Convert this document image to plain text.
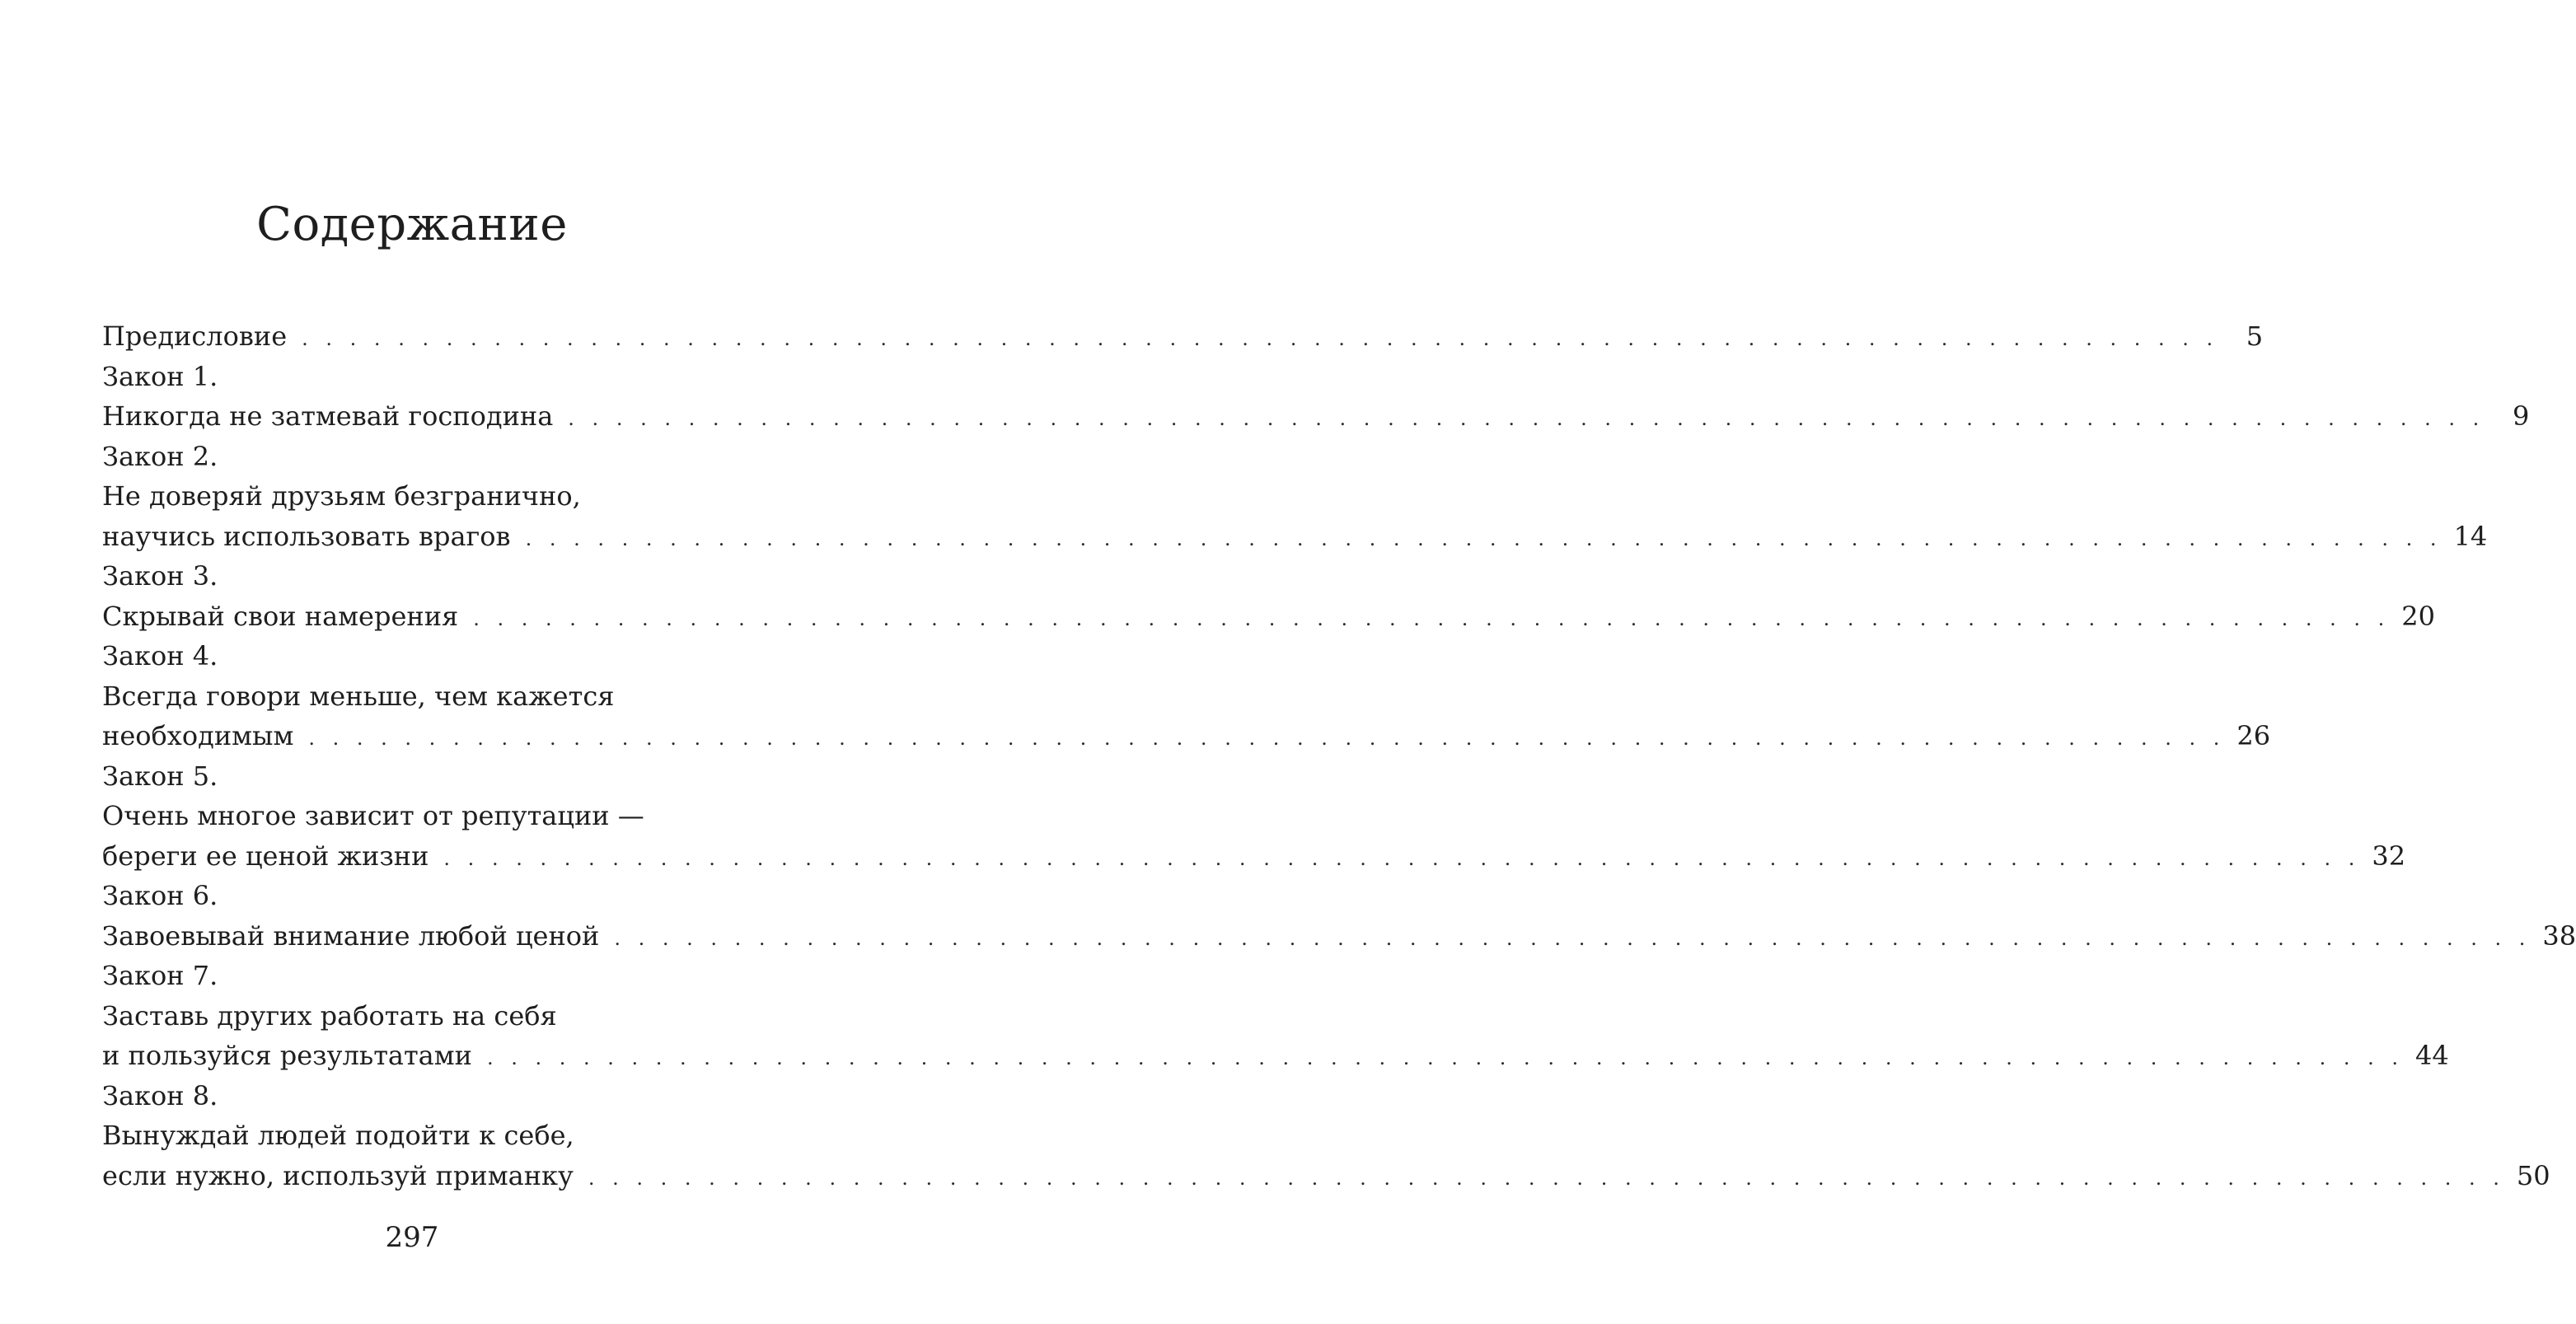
Содержание
Предисловие . . . . . . . . . . . . . . . . . . . . . . . . . . . . . . . . . . . . . . . . . . . . . . . . . . . . . . . . . . . . . . . . . . . . . . . . . . . . . . . .	5
Закон 1.
Никогда не затмевай господина . . . . . . . . . . . . . . . . . . . . . . . . . . . . . . . . . . . . . . . . . . . . . . . . . . . . . . . . . . . . . . . . . . . . . . . . . . . . . . . .	9
Закон 2.
Не доверяй друзьям безгранично,
научись использовать врагов . . . . . . . . . . . . . . . . . . . . . . . . . . . . . . . . . . . . . . . . . . . . . . . . . . . . . . . . . . . . . . . . . . . . . . . . . . . . . . . . 14
Закон 3.
Скрывай свои намерения . . . . . . . . . . . . . . . . . . . . . . . . . . . . . . . . . . . . . . . . . . . . . . . . . . . . . . . . . . . . . . . . . . . . . . . . . . . . . . . . 20
Закон 4.
Всегда говори меньше, чем кажется
необходимым . . . . . . . . . . . . . . . . . . . . . . . . . . . . . . . . . . . . . . . . . . . . . . . . . . . . . . . . . . . . . . . . . . . . . . . . . . . . . . . . 26
Закон 5.
Очень многое зависит от репутации —
береги ее ценой жизни . . . . . . . . . . . . . . . . . . . . . . . . . . . . . . . . . . . . . . . . . . . . . . . . . . . . . . . . . . . . . . . . . . . . . . . . . . . . . . . . 32
Закон 6.
Завоевывай внимание любой ценой . . . . . . . . . . . . . . . . . . . . . . . . . . . . . . . . . . . . . . . . . . . . . . . . . . . . . . . . . . . . . . . . . . . . . . . . . . . . . . . . 38
Закон 7.
Заставь других работать на себя
и пользуйся результатами . . . . . . . . . . . . . . . . . . . . . . . . . . . . . . . . . . . . . . . . . . . . . . . . . . . . . . . . . . . . . . . . . . . . . . . . . . . . . . . . 44
Закон 8.
Вынуждай людей подойти к себе,
если нужно, используй приманку . . . . . . . . . . . . . . . . . . . . . . . . . . . . . . . . . . . . . . . . . . . . . . . . . . . . . . . . . . . . . . . . . . . . . . . . . . . . . . . . 50
297
